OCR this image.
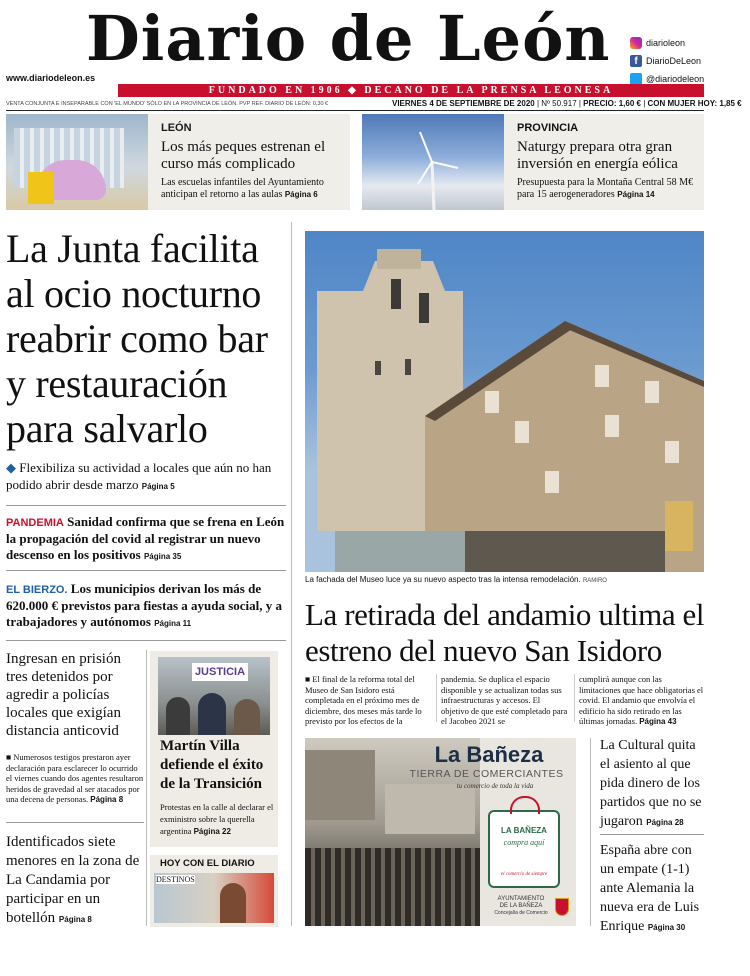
Diario de León	diarioleon
f DiarioDeLeon
@diariodeleon
www.diariodeleon.es
FUNDADO EN 1906 ◆ DECANO DE LA PRENSA LEONESA
VENTA CONJUNTA E INSEPARABLE CON 'EL MUNDO' SÓLO EN LA PROVINCIA DE LEÓN. PVP REF. DIARIO DE LEÓN: 0,30 €	VIERNES 4 DE SEPTIEMBRE DE 2020 | Nº 50.917 | PRECIO: 1,60 € | CON MUJER HOY: 1,85 €
LEÓN
Los más peques estrenan el curso más complicado
Las escuelas infantiles del Ayuntamiento anticipan el retorno a las aulas Página 6
PROVINCIA
Naturgy prepara otra gran inversión en energía eólica
Presupuesta para la Montaña Central 58 M€ para 15 aerogeneradores Página 14
La Junta facilita al ocio nocturno reabrir como bar y restauración para salvarlo
◆ Flexibiliza su actividad a locales que aún no han podido abrir desde marzo Página 5
PANDEMIA Sanidad confirma que se frena en León la propagación del covid al registrar un nuevo descenso en los positivos Página 35
EL BIERZO. Los municipios derivan los más de 620.000 € previstos para fiestas a ayuda social, y a trabajadores y autónomos Página 11
Ingresan en prisión tres detenidos por agredir a policías locales que exigían distancia anticovid
■ Numerosos testigos prestaron ayer declaración para esclarecer lo ocurrido el viernes cuando dos agentes resultaron heridos de gravedad al ser atacados por una decena de personas. Página 8
Identificados siete menores en la zona de La Candamia por participar en un botellón Página 8
JUSTICIA
Martín Villa defiende el éxito de la Transición
Protestas en la calle al declarar el exministro sobre la querella argentina Página 22
HOY CON EL DIARIO
DESTINOS
La fachada del Museo luce ya su nuevo aspecto tras la intensa remodelación. RAMIRO
La retirada del andamio ultima el estreno del nuevo San Isidoro
■ El final de la reforma total del Museo de San Isidoro está completada en el próximo mes de diciembre, dos meses más tarde lo previsto por los efectos de la
pandemia. Se duplica el espacio disponible y se actualizan todas sus infraestructuras y accesos. El objetivo de que esté completado para el Jacobeo 2021 se
cumplirá aunque con las limitaciones que hace obligatorias el covid. El andamio que envolvía el edificio ha sido retirado en las últimas jornadas. Página 43
La Bañeza
TIERRA DE COMERCIANTES
tu comercio de toda la vida
LA BAÑEZA
compra aquí
el comercio de siempre
AYUNTAMIENTO
DE LA BAÑEZA
Concejalía de Comercio
La Cultural quita el asiento al que pida dinero de los partidos que no se jugaron Página 28
España abre con un empate (1-1) ante Alemania la nueva era de Luis Enrique Página 30
